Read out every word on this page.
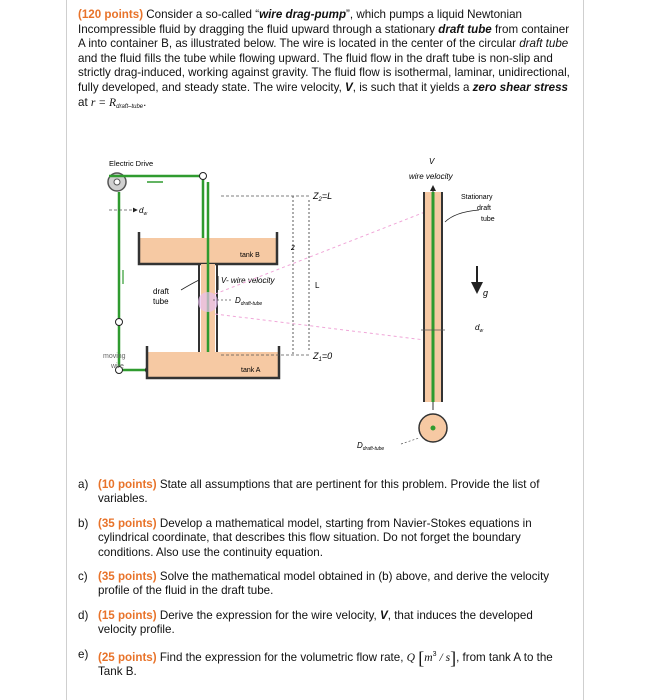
(120 points) Consider a so-called “wire drag-pump”, which pumps a liquid Newtonian Incompressible fluid by dragging the fluid upward through a stationary draft tube from container A into container B, as illustrated below. The wire is located in the center of the circular draft tube and the fluid fills the tube while flowing upward. The fluid flow in the draft tube is non-slip and strictly drag-induced, working against gravity. The fluid flow is isothermal, laminar, unidirectional, fully developed, and steady state. The wire velocity, V, is such that it yields a zero shear stress at $r = R_{draft-tube}$.
Electric Drive
$d_w$
tank B
tank A
draft
tube
V- wire velocity
$D_{draft-tube}$
moving
wire
z
$Z_2=L$
$Z_1=0$
L
V
wire velocity
Stationary
draft
tube
g
$d_w$
$D_{draft-tube}$
a) (10 points) State all assumptions that are pertinent for this problem. Provide the list of variables.
b) (35 points) Develop a mathematical model, starting from Navier-Stokes equations in cylindrical coordinate, that describes this flow situation. Do not forget the boundary conditions. Also use the continuity equation.
c) (35 points) Solve the mathematical model obtained in (b) above, and derive the velocity profile of the fluid in the draft tube.
d) (15 points) Derive the expression for the wire velocity, V, that induces the developed velocity profile.
e) (25 points) Find the expression for the volumetric flow rate, Q $[m^3 / s]$, from tank A to the Tank B.
